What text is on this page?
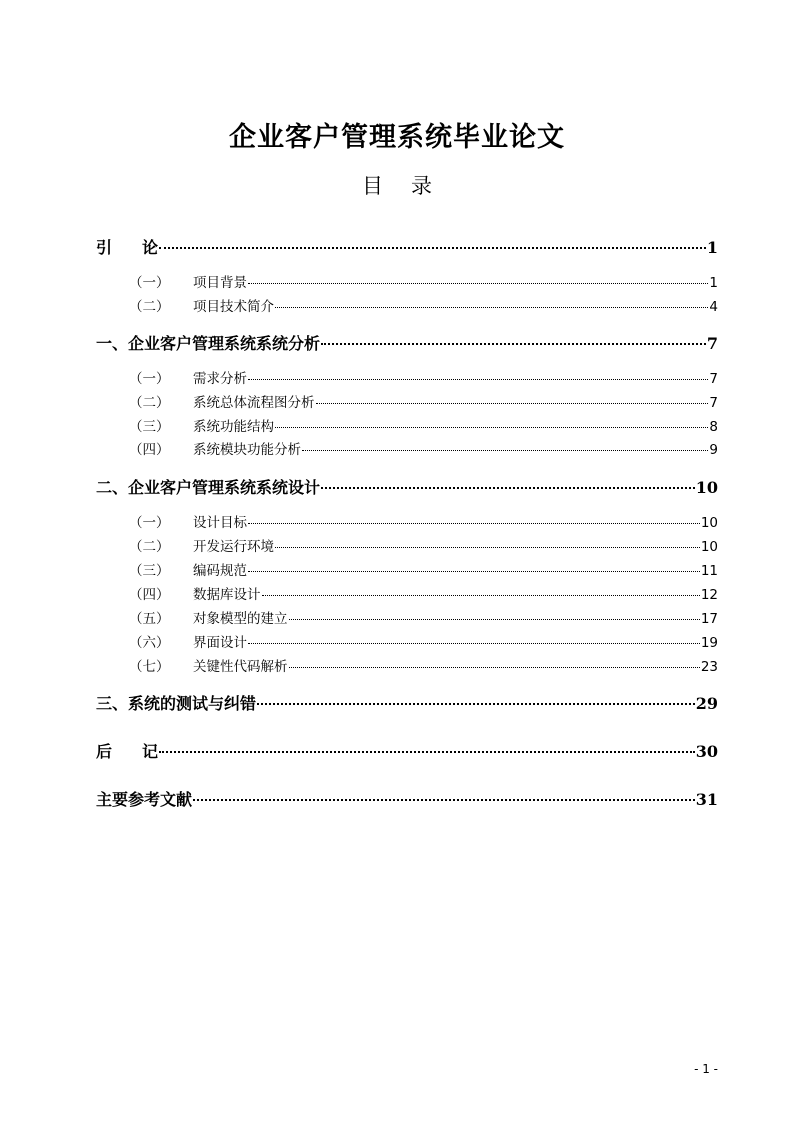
企业客户管理系统毕业论文
目 录
引 论	1
（一）	项目背景	1
（二）	项目技术简介	4
一、企业客户管理系统系统分析	7
（一）	需求分析	7
（二）	系统总体流程图分析	7
（三）	系统功能结构	8
（四）	系统模块功能分析	9
二、企业客户管理系统系统设计	10
（一）	设计目标	10
（二）	开发运行环境	10
（三）	编码规范	11
（四）	数据库设计	12
（五）	对象模型的建立	17
（六）	界面设计	19
（七）	关键性代码解析	23
三、系统的测试与纠错	29
后 记	30
主要参考文献	31
- 1 -
